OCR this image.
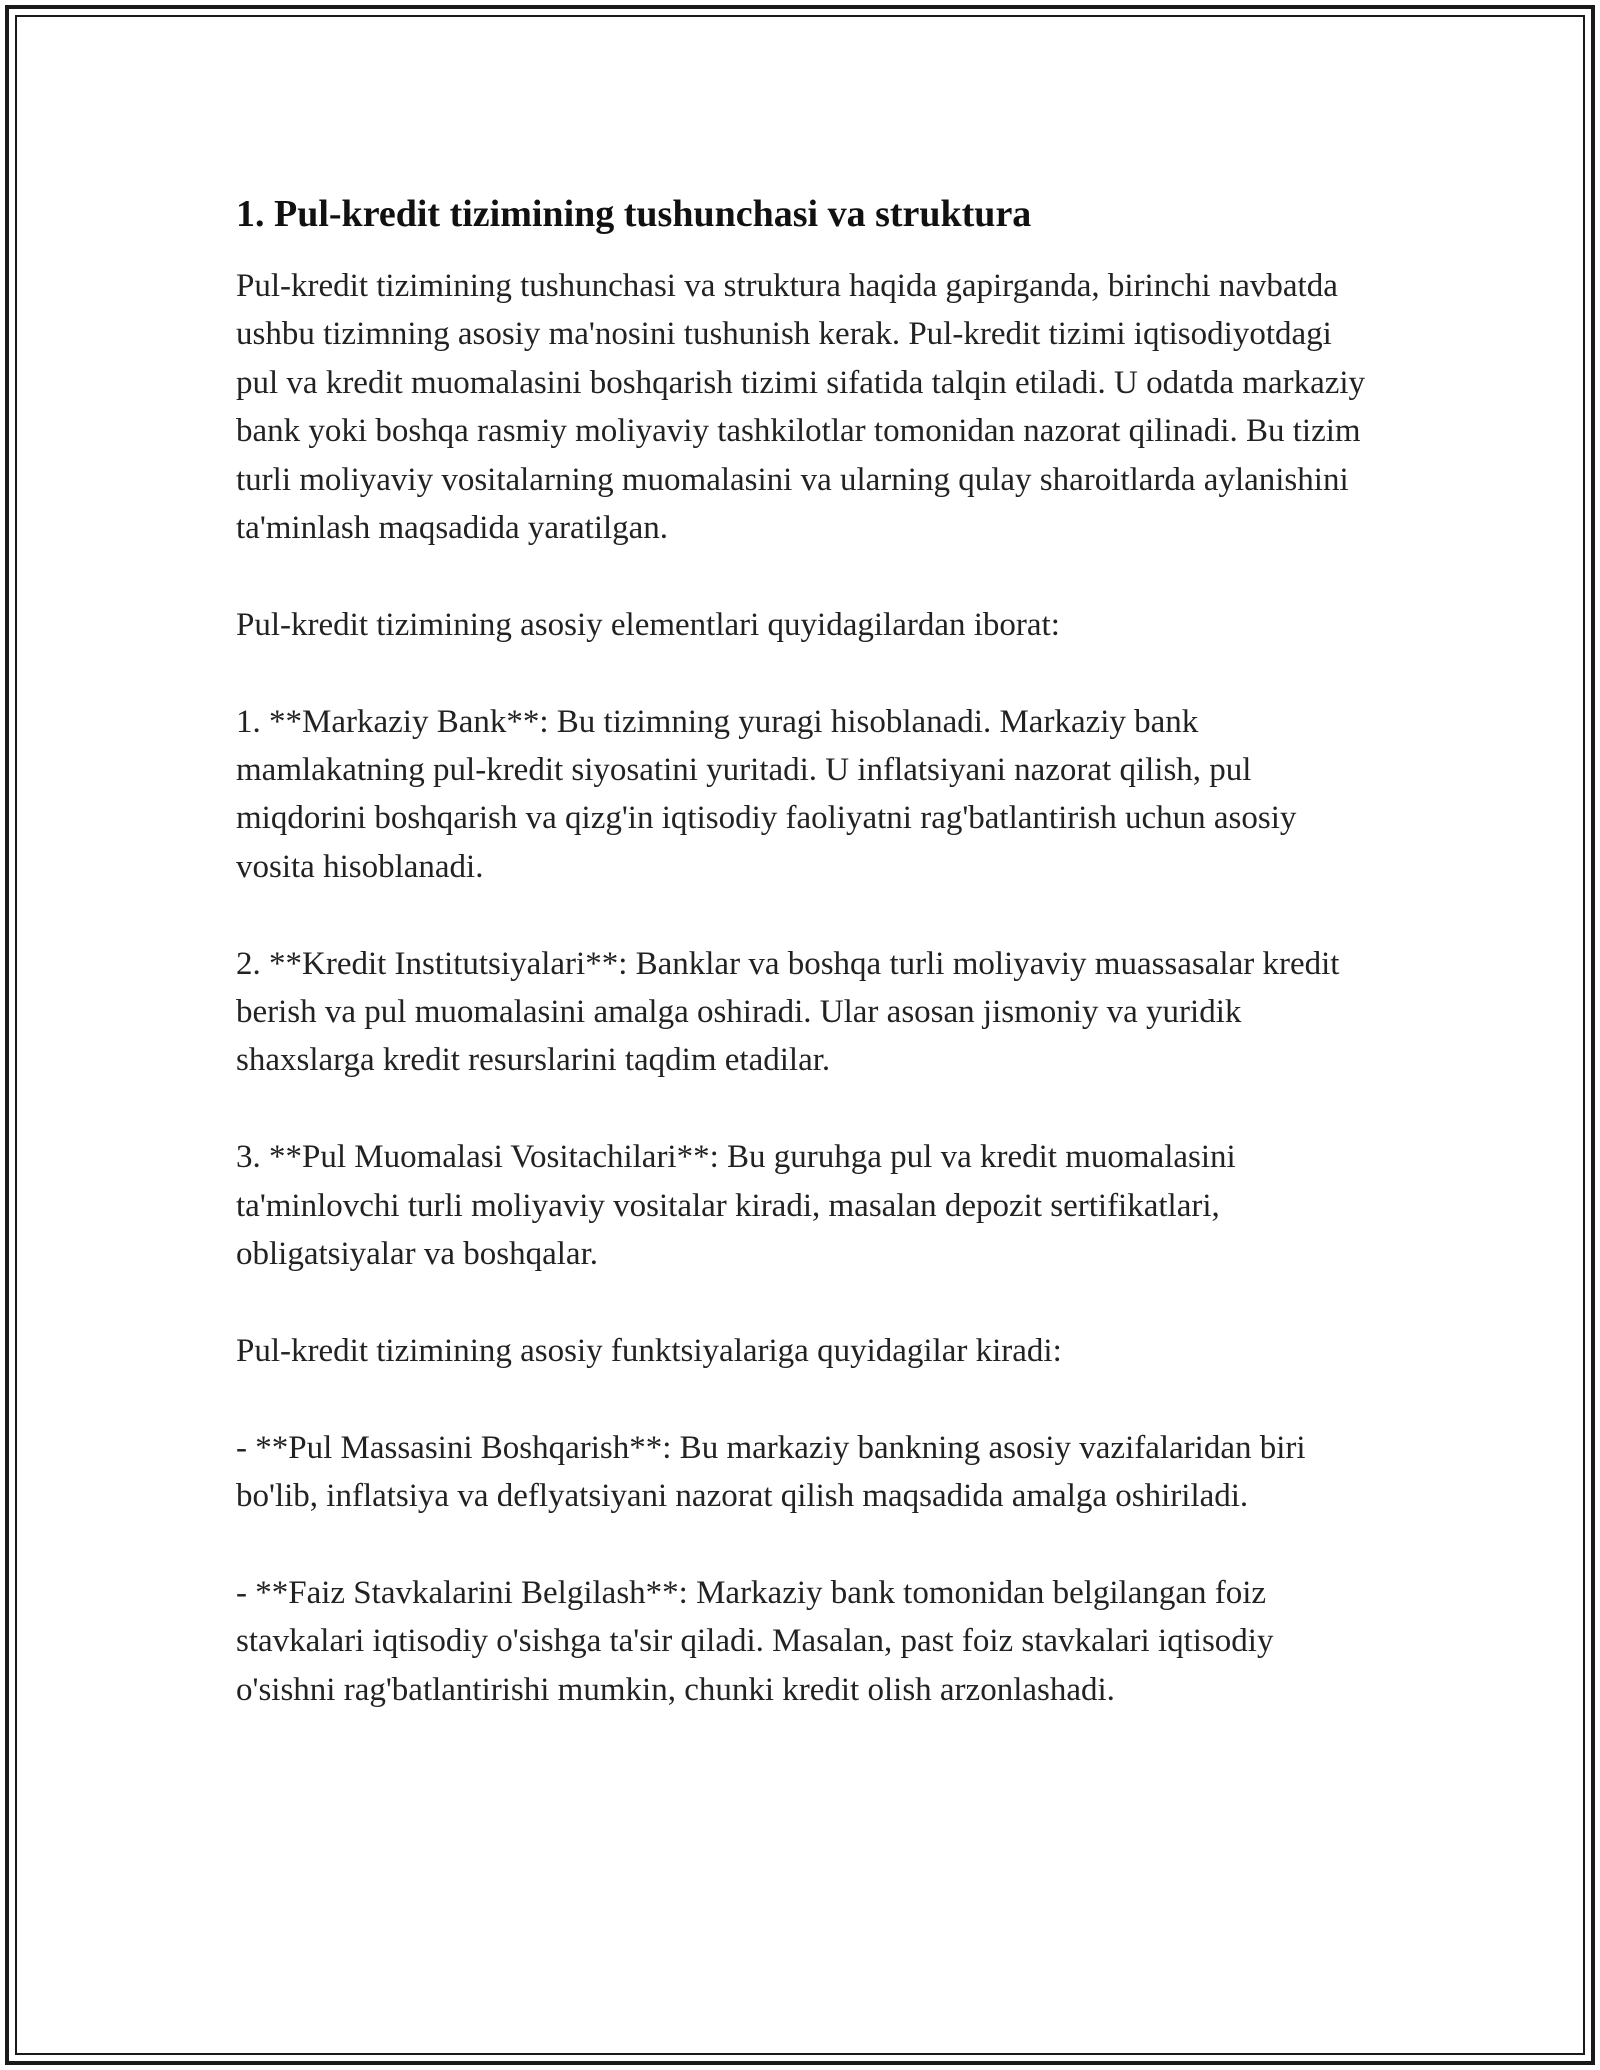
1. Pul-kredit tizimining tushunchasi va struktura

Pul-kredit tizimining tushunchasi va struktura haqida gapirganda, birinchi navbatda ushbu tizimning asosiy ma'nosini tushunish kerak. Pul-kredit tizimi iqtisodiyotdagi pul va kredit muomalasini boshqarish tizimi sifatida talqin etiladi. U odatda markaziy bank yoki boshqa rasmiy moliyaviy tashkilotlar tomonidan nazorat qilinadi. Bu tizim turli moliyaviy vositalarning muomalasini va ularning qulay sharoitlarda aylanishini ta'minlash maqsadida yaratilgan.

Pul-kredit tizimining asosiy elementlari quyidagilardan iborat:

1. **Markaziy Bank**: Bu tizimning yuragi hisoblanadi. Markaziy bank mamlakatning pul-kredit siyosatini yuritadi. U inflatsiyani nazorat qilish, pul miqdorini boshqarish va qizg'in iqtisodiy faoliyatni rag'batlantirish uchun asosiy vosita hisoblanadi.

2. **Kredit Institutsiyalari**: Banklar va boshqa turli moliyaviy muassasalar kredit berish va pul muomalasini amalga oshiradi. Ular asosan jismoniy va yuridik shaxslarga kredit resurslarini taqdim etadilar.

3. **Pul Muomalasi Vositachilari**: Bu guruhga pul va kredit muomalasini ta'minlovchi turli moliyaviy vositalar kiradi, masalan depozit sertifikatlari, obligatsiyalar va boshqalar.

Pul-kredit tizimining asosiy funktsiyalariga quyidagilar kiradi:

- **Pul Massasini Boshqarish**: Bu markaziy bankning asosiy vazifalaridan biri bo'lib, inflatsiya va deflyatsiyani nazorat qilish maqsadida amalga oshiriladi.

- **Faiz Stavkalarini Belgilash**: Markaziy bank tomonidan belgilangan foiz stavkalari iqtisodiy o'sishga ta'sir qiladi. Masalan, past foiz stavkalari iqtisodiy o'sishni rag'batlantirishi mumkin, chunki kredit olish arzonlashadi.
